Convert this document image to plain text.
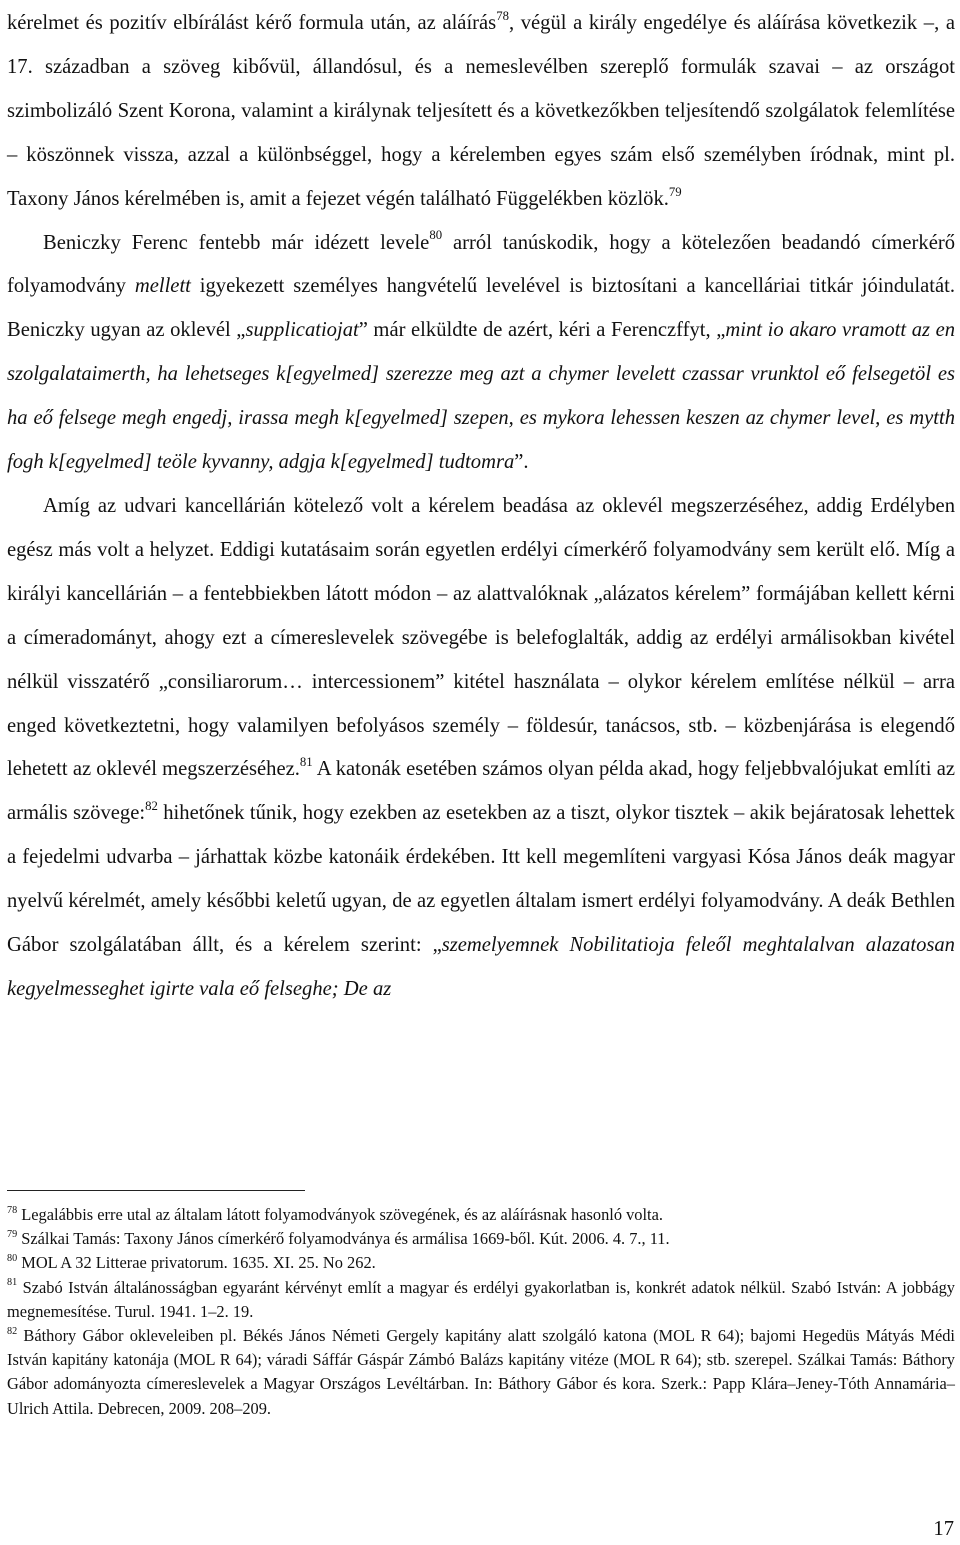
kérelmet és pozitív elbírálást kérő formula után, az aláírás$^{78}$, végül a király engedélye és aláírása következik –, a 17. században a szöveg kibővül, állandósul, és a nemeslevélben szereplő formulák szavai – az országot szimbolizáló Szent Korona, valamint a királynak teljesített és a következőkben teljesítendő szolgálatok felemlítése – köszönnek vissza, azzal a különbséggel, hogy a kérelemben egyes szám első személyben íródnak, mint pl. Taxony János kérelmében is, amit a fejezet végén található Függelékben közlök.$^{79}$

Beniczky Ferenc fentebb már idézett levele$^{80}$ arról tanúskodik, hogy a kötelezően beadandó címerkérő folyamodvány mellett igyekezett személyes hangvételű levelével is biztosítani a kancelláriai titkár jóindulatát. Beniczky ugyan az oklevél „supplicatiojat” már elküldte de azért, kéri a Ferenczffyt, „mint io akaro vramott az en szolgalataimerth, ha lehetseges k[egyelmed] szerezze meg azt a chymer levelett czassar vrunktol eő felsegetöl es ha eő felsege megh engedj, irassa megh k[egyelmed] szepen, es mykora lehessen keszen az chymer level, es mytth fogh k[egyelmed] teöle kyvanny, adgja k[egyelmed] tudtomra”.

Amíg az udvari kancellárián kötelező volt a kérelem beadása az oklevél megszerzéséhez, addig Erdélyben egész más volt a helyzet. Eddigi kutatásaim során egyetlen erdélyi címerkérő folyamodvány sem került elő. Míg a királyi kancellárián – a fentebbiekben látott módon – az alattvalóknak „alázatos kérelem” formájában kellett kérni a címeradományt, ahogy ezt a címereslevelek szövegébe is belefoglalták, addig az erdélyi armálisokban kivétel nélkül visszatérő „consiliarorum… intercessionem” kitétel használata – olykor kérelem említése nélkül – arra enged következtetni, hogy valamilyen befolyásos személy – földesúr, tanácsos, stb. – közbenjárása is elegendő lehetett az oklevél megszerzéséhez.$^{81}$ A katonák esetében számos olyan példa akad, hogy feljebbvalójukat említi az armális szövege:$^{82}$ hihetőnek tűnik, hogy ezekben az esetekben az a tiszt, olykor tisztek – akik bejáratosak lehettek a fejedelmi udvarba – járhattak közbe katonáik érdekében. Itt kell megemlíteni vargyasi Kósa János deák magyar nyelvű kérelmét, amely későbbi keletű ugyan, de az egyetlen általam ismert erdélyi folyamodvány. A deák Bethlen Gábor szolgálatában állt, és a kérelem szerint: „szemelyemnek Nobilitatioja feleől meghtalalvan alazatosan kegyelmesseghet igirte vala eő felseghe; De az

$^{78}$ Legalábbis erre utal az általam látott folyamodványok szövegének, és az aláírásnak hasonló volta.

$^{79}$ Szálkai Tamás: Taxony János címerkérő folyamodványa és armálisa 1669-ből. Kút. 2006. 4. 7., 11.

$^{80}$ MOL A 32 Litterae privatorum. 1635. XI. 25. No 262.

$^{81}$ Szabó István általánosságban egyaránt kérvényt említ a magyar és erdélyi gyakorlatban is, konkrét adatok nélkül. Szabó István: A jobbágy megnemesítése. Turul. 1941. 1–2. 19.

$^{82}$ Báthory Gábor okleveleiben pl. Békés János Németi Gergely kapitány alatt szolgáló katona (MOL R 64); bajomi Hegedüs Mátyás Médi István kapitány katonája (MOL R 64); váradi Sáffár Gáspár Zámbó Balázs kapitány vitéze (MOL R 64); stb. szerepel. Szálkai Tamás: Báthory Gábor adományozta címereslevelek a Magyar Országos Levéltárban. In: Báthory Gábor és kora. Szerk.: Papp Klára–Jeney-Tóth Annamária–Ulrich Attila. Debrecen, 2009. 208–209.

17
